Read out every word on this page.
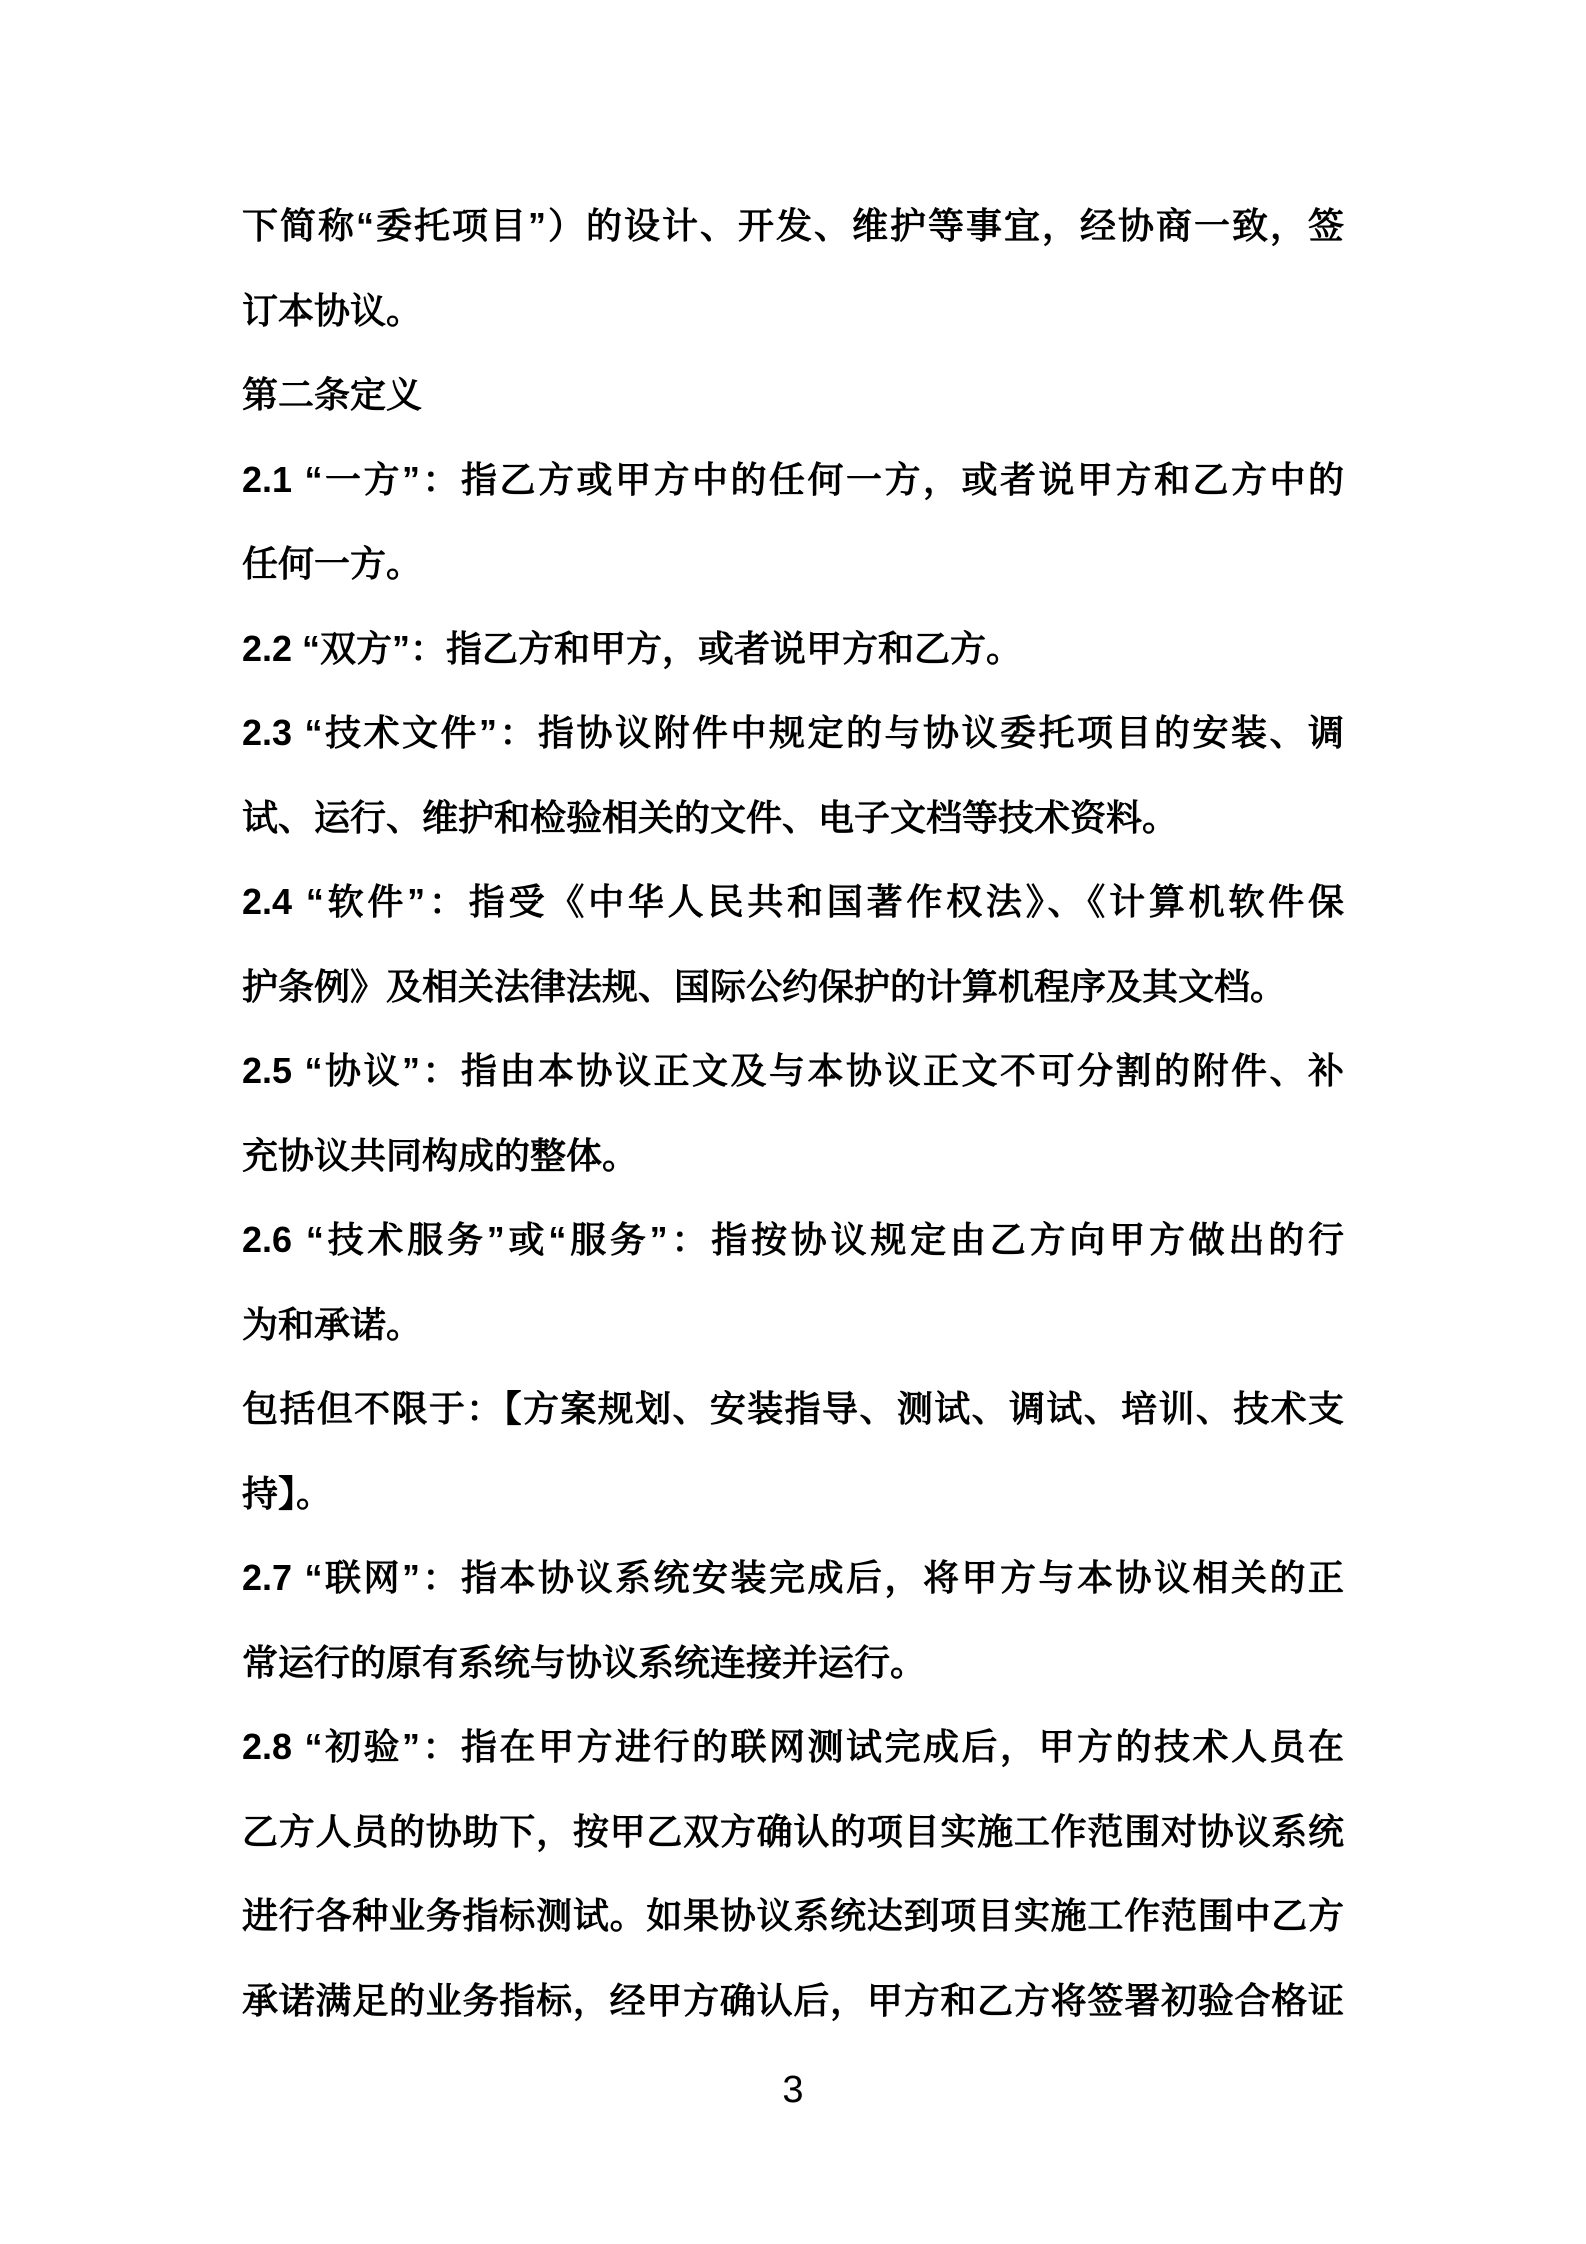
下简称“委托项目”）的设计、开发、维护等事宜，经协商一致，签
订本协议。
第二条定义
2.1 “一方”：指乙方或甲方中的任何一方，或者说甲方和乙方中的
任何一方。
2.2 “双方”：指乙方和甲方，或者说甲方和乙方。
2.3 “技术文件”：指协议附件中规定的与协议委托项目的安装、调
试、运行、维护和检验相关的文件、电子文档等技术资料。
2.4 “软件”：指受《中华人民共和国著作权法》、《计算机软件保
护条例》及相关法律法规、国际公约保护的计算机程序及其文档。
2.5 “协议”：指由本协议正文及与本协议正文不可分割的附件、补
充协议共同构成的整体。
2.6 “技术服务”或“服务”：指按协议规定由乙方向甲方做出的行
为和承诺。
包括但不限于：【方案规划、安装指导、测试、调试、培训、技术支
持】。
2.7 “联网”：指本协议系统安装完成后，将甲方与本协议相关的正
常运行的原有系统与协议系统连接并运行。
2.8 “初验”：指在甲方进行的联网测试完成后，甲方的技术人员在
乙方人员的协助下，按甲乙双方确认的项目实施工作范围对协议系统
进行各种业务指标测试。如果协议系统达到项目实施工作范围中乙方
承诺满足的业务指标，经甲方确认后，甲方和乙方将签署初验合格证
3
